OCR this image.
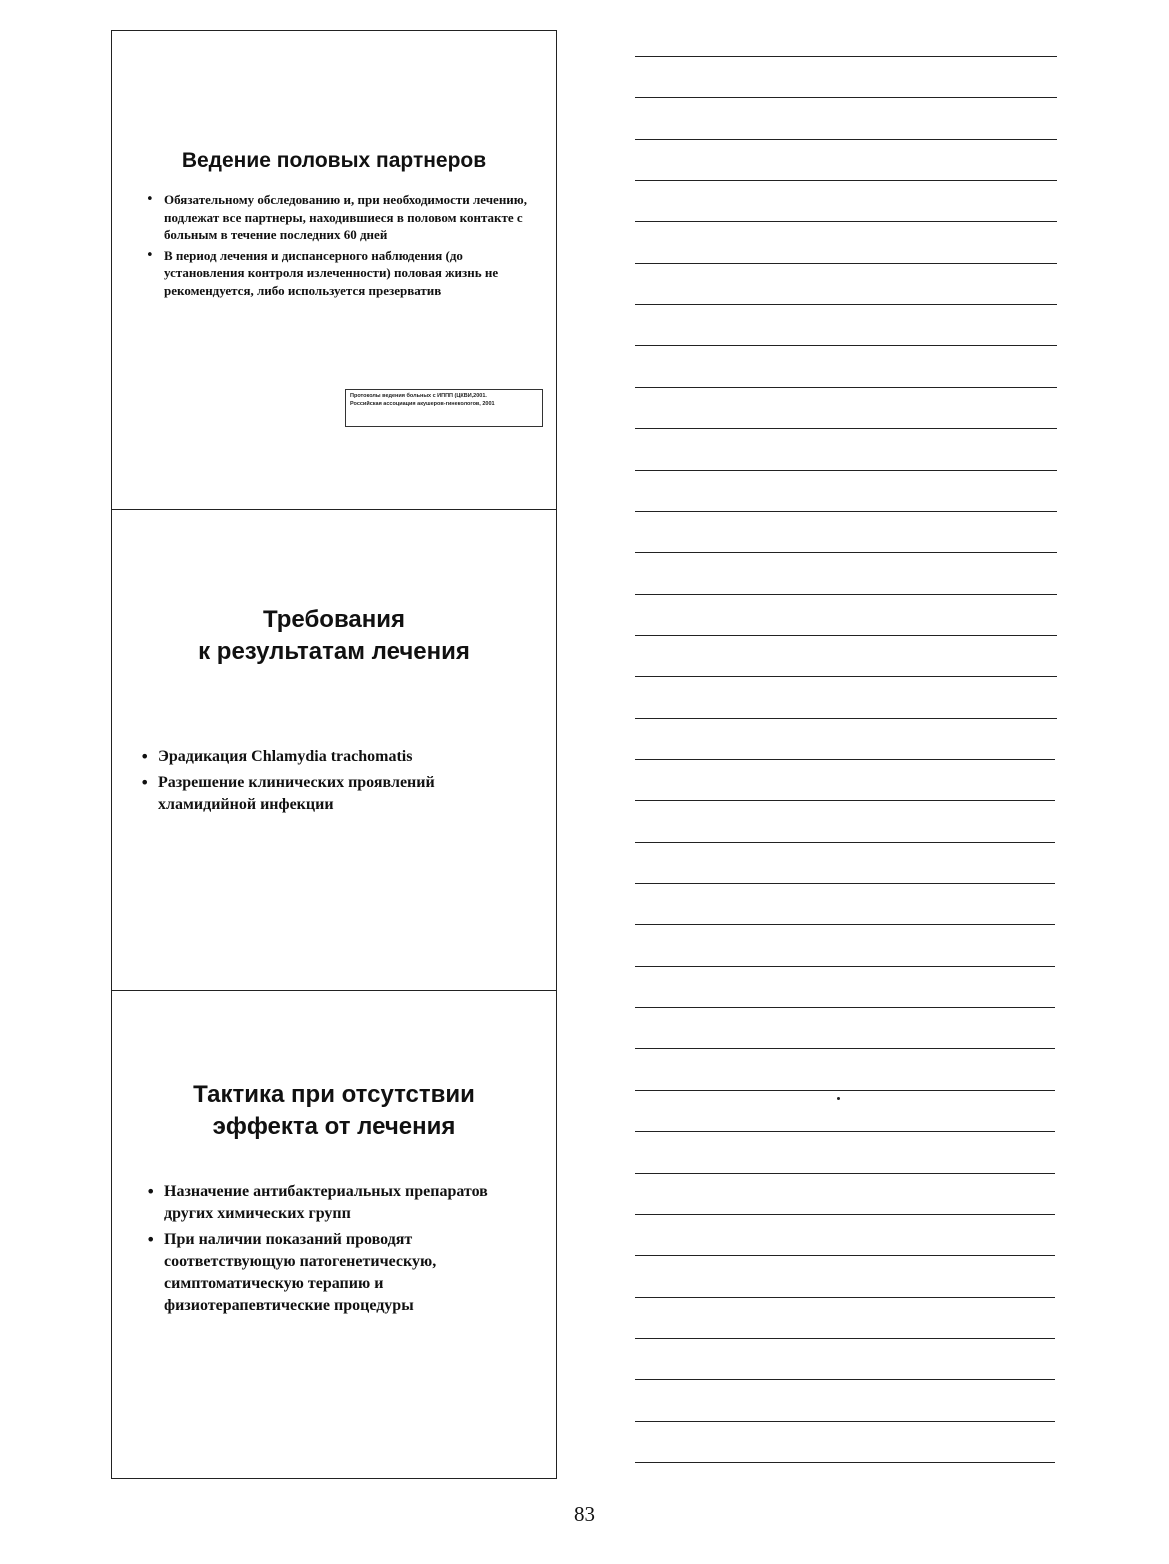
Ведение половых партнеров
• Обязательному обследованию и, при необходимости лечению, подлежат все партнеры, находившиеся в половом контакте с больным в течение последних 60 дней
• В период лечения и диспансерного наблюдения (до установления контроля излеченности) половая жизнь не рекомендуется, либо используется презерватив
Протоколы ведения больных с ИППП (ЦКВИ,2001.
Российская ассоциация акушеров-гинекологов, 2001
Требования
к результатам лечения
• Эрадикация Chlamydia trachomatis
• Разрешение клинических проявлений хламидийной инфекции
Тактика при отсутствии
эффекта от лечения
• Назначение антибактериальных препаратов других химических групп
• При наличии показаний проводят соответствующую патогенетическую, симптоматическую терапию и физиотерапевтические процедуры
83
